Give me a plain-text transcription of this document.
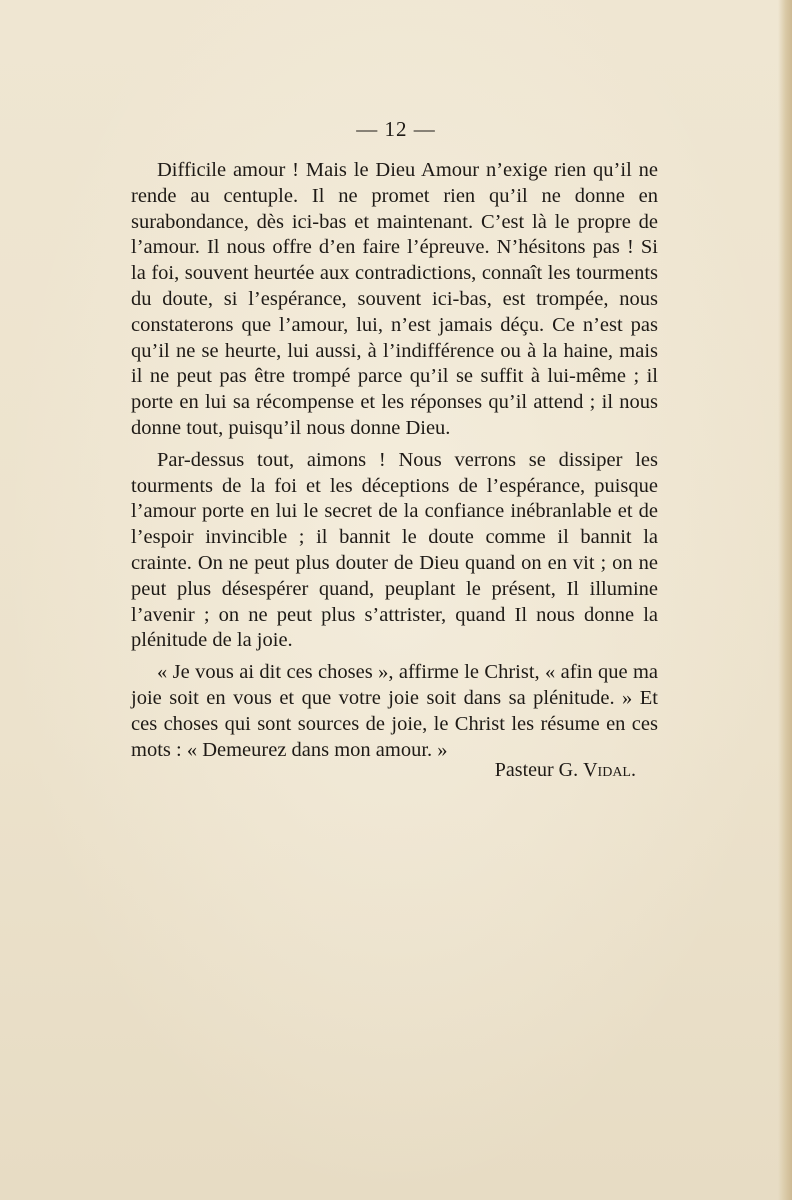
— 12 —

Difficile amour ! Mais le Dieu Amour n’exige rien qu’il ne rende au centuple. Il ne promet rien qu’il ne donne en surabondance, dès ici-bas et maintenant. C’est là le propre de l’amour. Il nous offre d’en faire l’épreuve. N’hésitons pas ! Si la foi, souvent heurtée aux contradictions, connaît les tourments du doute, si l’espérance, souvent ici-bas, est trompée, nous constaterons que l’amour, lui, n’est jamais déçu. Ce n’est pas qu’il ne se heurte, lui aussi, à l’indifférence ou à la haine, mais il ne peut pas être trompé parce qu’il se suffit à lui-même ; il porte en lui sa récompense et les réponses qu’il attend ; il nous donne tout, puisqu’il nous donne Dieu.

Par-dessus tout, aimons ! Nous verrons se dissiper les tourments de la foi et les déceptions de l’espérance, puisque l’amour porte en lui le secret de la confiance inébranlable et de l’espoir invincible ; il bannit le doute comme il bannit la crainte. On ne peut plus douter de Dieu quand on en vit ; on ne peut plus désespérer quand, peuplant le présent, Il illumine l’avenir ; on ne peut plus s’attrister, quand Il nous donne la plénitude de la joie.

« Je vous ai dit ces choses », affirme le Christ, « afin que ma joie soit en vous et que votre joie soit dans sa plénitude. » Et ces choses qui sont sources de joie, le Christ les résume en ces mots : « Demeurez dans mon amour. »

Pasteur G. Vidal.
